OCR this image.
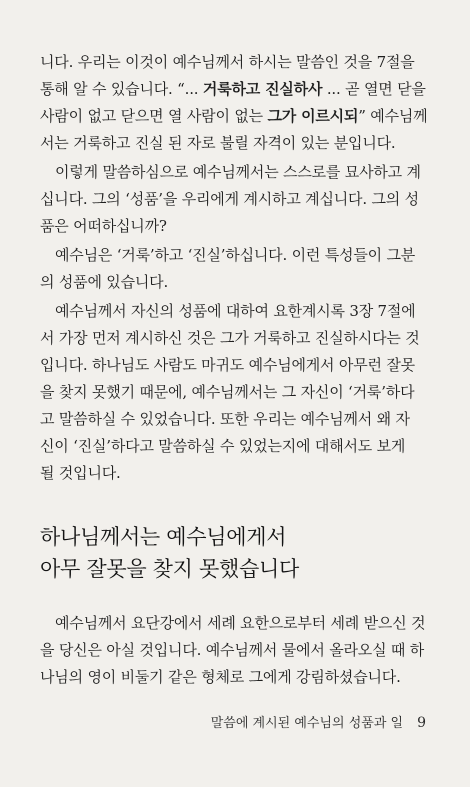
니다. 우리는 이것이 예수님께서 하시는 말씀인 것을 7절을
통해 알 수 있습니다. “... 거룩하고 진실하사 ... 곧 열면 닫을
사람이 없고 닫으면 열 사람이 없는 그가 이르시되” 예수님께
서는 거룩하고 진실 된 자로 불릴 자격이 있는 분입니다.
이렇게 말씀하심으로 예수님께서는 스스로를 묘사하고 계
십니다. 그의 ‘성품’을 우리에게 계시하고 계십니다. 그의 성
품은 어떠하십니까?
예수님은 ‘거룩’하고 ‘진실’하십니다. 이런 특성들이 그분
의 성품에 있습니다.
예수님께서 자신의 성품에 대하여 요한계시록 3장 7절에
서 가장 먼저 계시하신 것은 그가 거룩하고 진실하시다는 것
입니다. 하나님도 사람도 마귀도 예수님에게서 아무런 잘못
을 찾지 못했기 때문에, 예수님께서는 그 자신이 ‘거룩’하다
고 말씀하실 수 있었습니다. 또한 우리는 예수님께서 왜 자
신이 ‘진실’하다고 말씀하실 수 있었는지에 대해서도 보게
될 것입니다.
하나님께서는 예수님에게서
아무 잘못을 찾지 못했습니다
예수님께서 요단강에서 세례 요한으로부터 세례 받으신 것
을 당신은 아실 것입니다. 예수님께서 물에서 올라오실 때 하
나님의 영이 비둘기 같은 형체로 그에게 강림하셨습니다.
말씀에 계시된 예수님의 성품과 일 9
